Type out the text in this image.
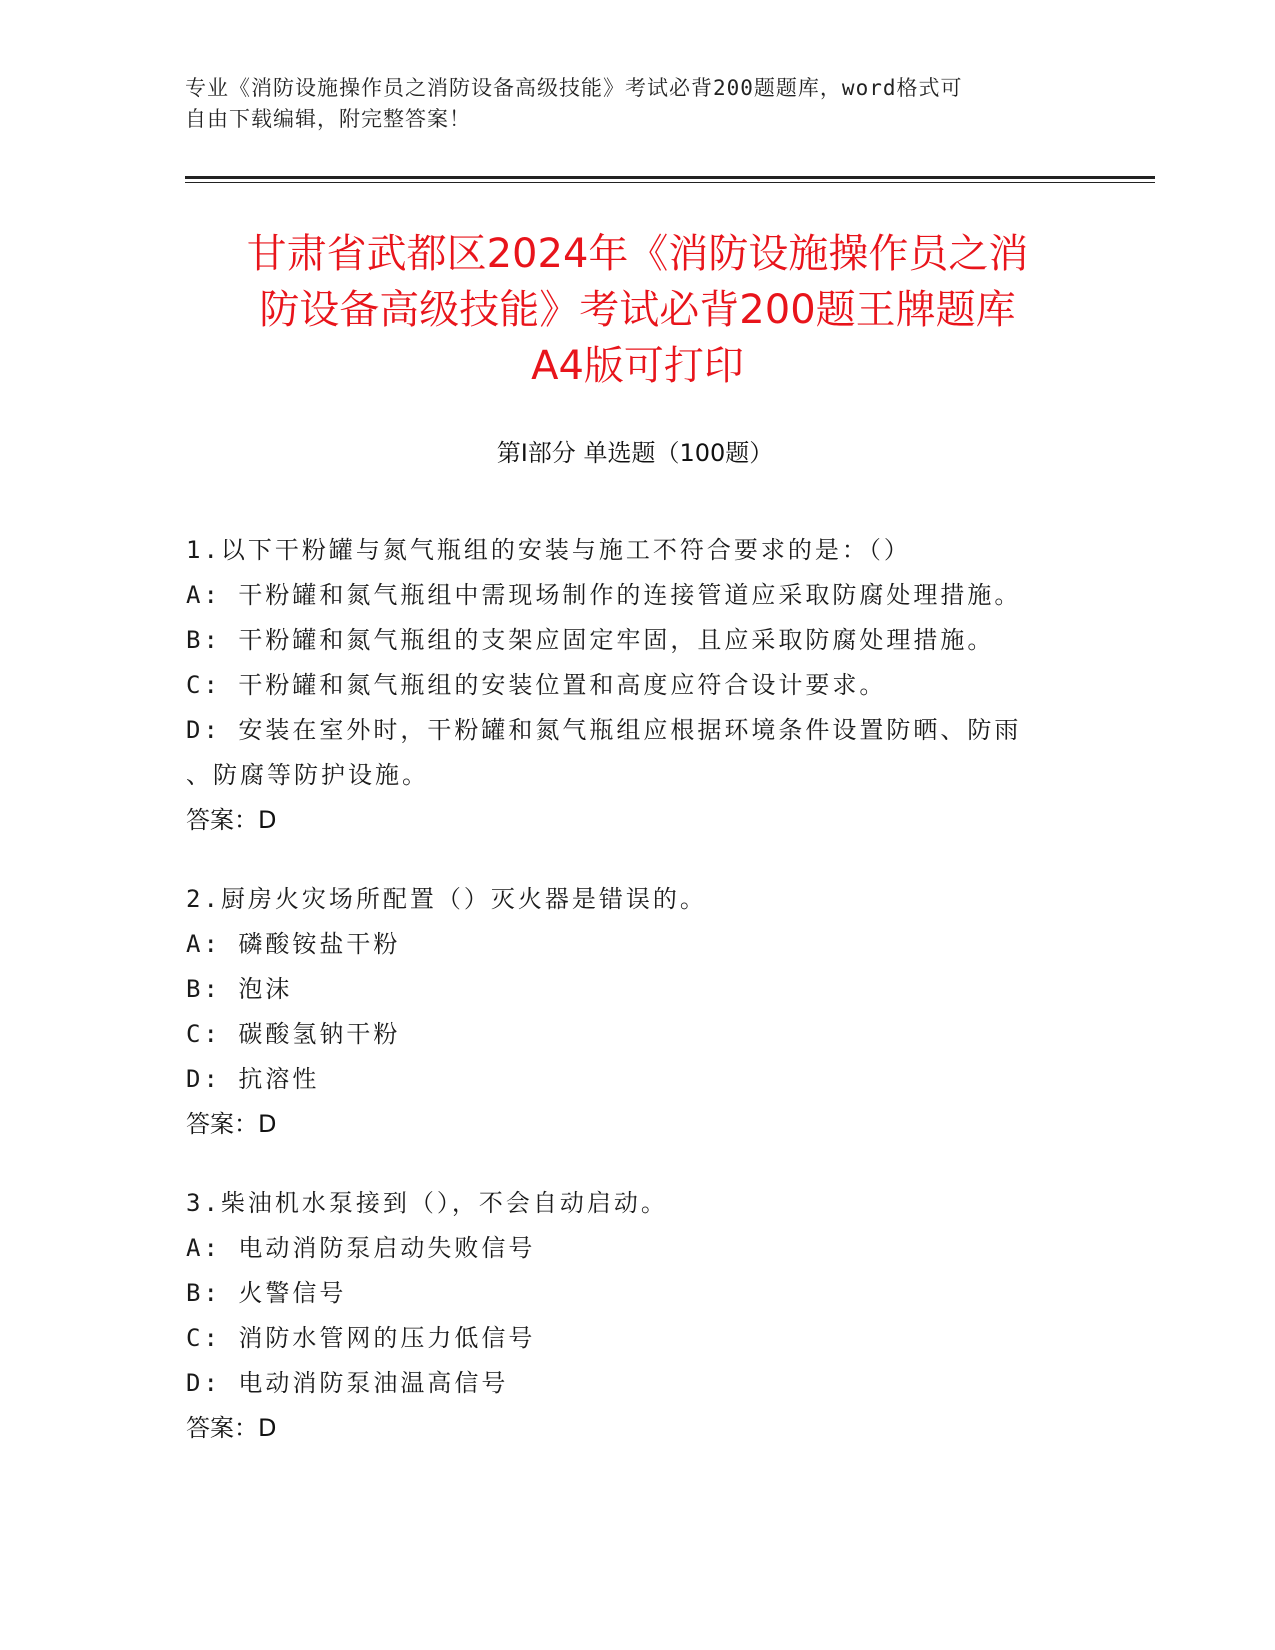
专业《消防设施操作员之消防设备高级技能》考试必背200题题库，word格式可
自由下载编辑，附完整答案！
甘肃省武都区2024年《消防设施操作员之消
防设备高级技能》考试必背200题王牌题库
A4版可打印
第I部分 单选题（100题）
1.以下干粉罐与氮气瓶组的安装与施工不符合要求的是：（）
A: 干粉罐和氮气瓶组中需现场制作的连接管道应采取防腐处理措施。
B: 干粉罐和氮气瓶组的支架应固定牢固，且应采取防腐处理措施。
C: 干粉罐和氮气瓶组的安装位置和高度应符合设计要求。
D: 安装在室外时，干粉罐和氮气瓶组应根据环境条件设置防晒、防雨
、防腐等防护设施。
答案：D
2.厨房火灾场所配置（）灭火器是错误的。
A: 磷酸铵盐干粉
B: 泡沫
C: 碳酸氢钠干粉
D: 抗溶性
答案：D
3.柴油机水泵接到（），不会自动启动。
A: 电动消防泵启动失败信号
B: 火警信号
C: 消防水管网的压力低信号
D: 电动消防泵油温高信号
答案：D
